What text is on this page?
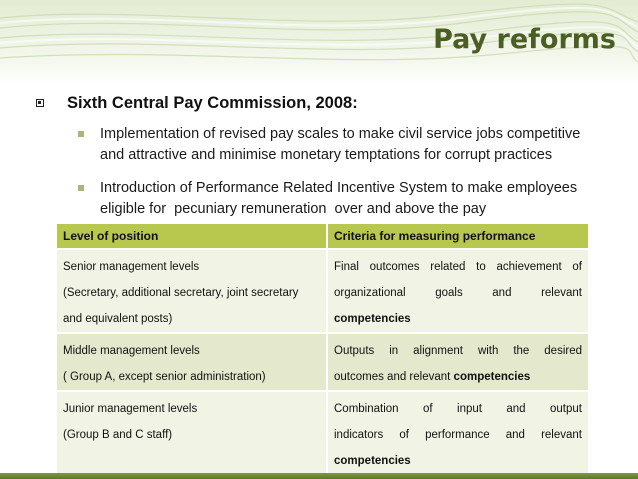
Pay reforms
Sixth Central Pay Commission, 2008:
Implementation of revised pay scales to make civil service jobs competitive
and attractive and minimise monetary temptations for corrupt practices
Introduction of Performance Related Incentive System to make employees
eligible for  pecuniary remuneration  over and above the pay
Level of position	Criteria for measuring performance

Senior management levels
(Secretary, additional secretary, joint secretary
and equivalent posts)	Final outcomes related to achievement of
organizational goals and relevant
competencies

Middle management levels
( Group A, except senior administration)	Outputs in alignment with the desired
outcomes and relevant competencies

Junior management levels
(Group B and C staff)	Combination of input and output
indicators of performance and relevant
competencies
